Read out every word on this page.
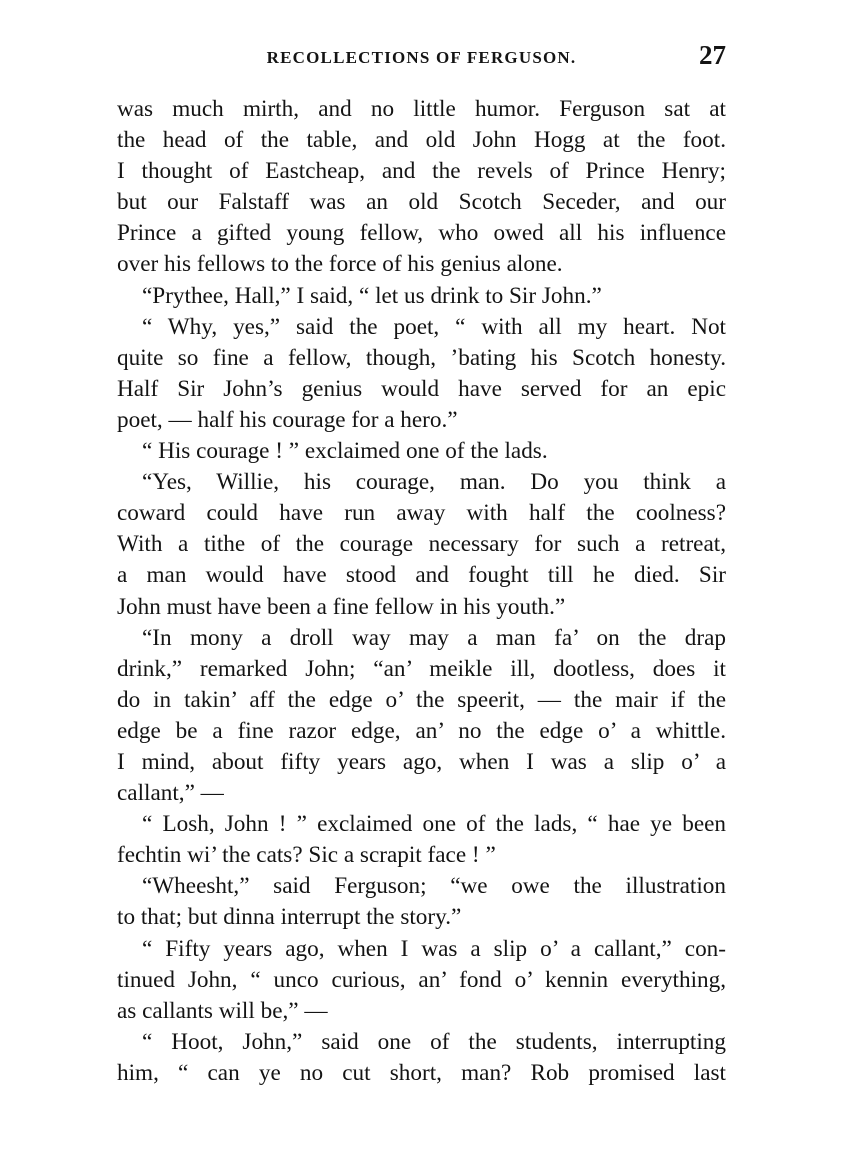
RECOLLECTIONS OF FERGUSON.	27
was much mirth, and no little humor. Ferguson sat at
the head of the table, and old John Hogg at the foot.
I thought of Eastcheap, and the revels of Prince Henry;
but our Falstaff was an old Scotch Seceder, and our
Prince a gifted young fellow, who owed all his influence
over his fellows to the force of his genius alone.
“Prythee, Hall,” I said, “ let us drink to Sir John.”
“ Why, yes,” said the poet, “ with all my heart. Not
quite so fine a fellow, though, ’bating his Scotch honesty.
Half Sir John’s genius would have served for an epic
poet, — half his courage for a hero.”
“ His courage ! ” exclaimed one of the lads.
“Yes, Willie, his courage, man. Do you think a
coward could have run away with half the coolness?
With a tithe of the courage necessary for such a retreat,
a man would have stood and fought till he died. Sir
John must have been a fine fellow in his youth.”
“In mony a droll way may a man fa’ on the drap
drink,” remarked John; “an’ meikle ill, dootless, does it
do in takin’ aff the edge o’ the speerit, — the mair if the
edge be a fine razor edge, an’ no the edge o’ a whittle.
I mind, about fifty years ago, when I was a slip o’ a
callant,” —
“ Losh, John ! ” exclaimed one of the lads, “ hae ye been
fechtin wi’ the cats? Sic a scrapit face ! ”
“Wheesht,” said Ferguson; “we owe the illustration
to that; but dinna interrupt the story.”
“ Fifty years ago, when I was a slip o’ a callant,” con-
tinued John, “ unco curious, an’ fond o’ kennin everything,
as callants will be,” —
“ Hoot, John,” said one of the students, interrupting
him, “ can ye no cut short, man? Rob promised last
